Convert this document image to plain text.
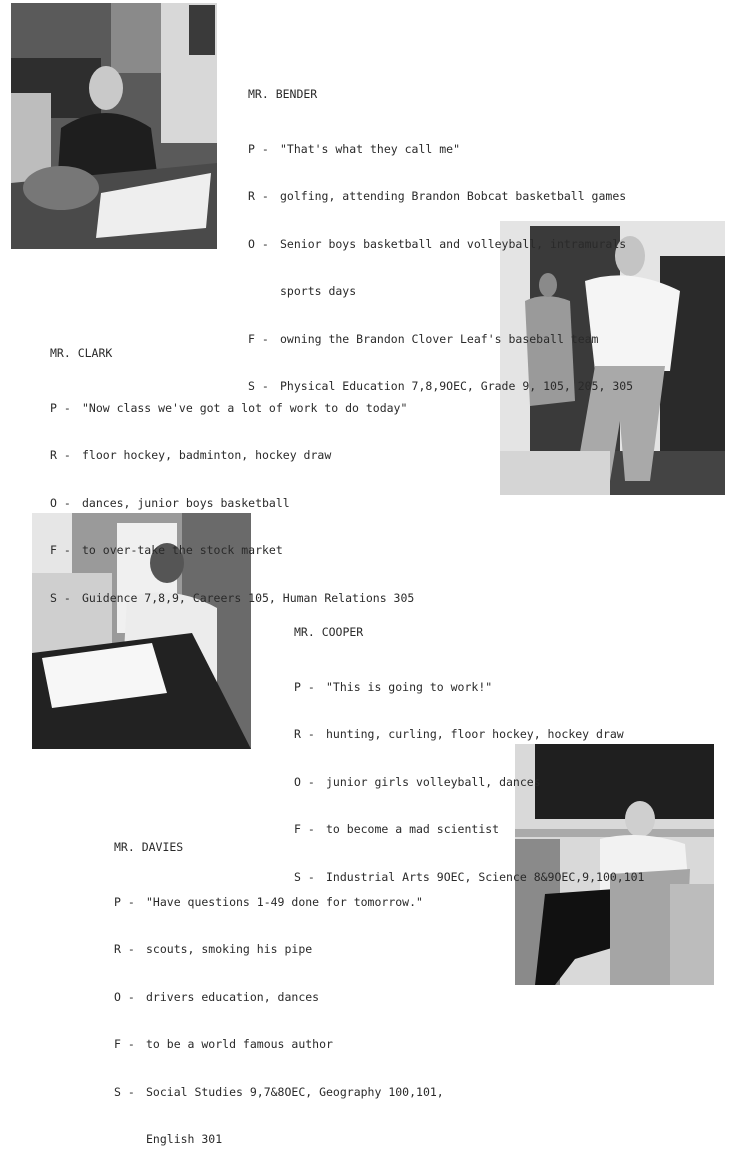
MR. BENDER

P - "That's what they call me"

R - golfing, attending Brandon Bobcat basketball games

O - Senior boys basketball and volleyball, intramurals

sports days

F - owning the Brandon Clover Leaf's baseball team

S - Physical Education 7,8,9OEC, Grade 9, 105, 205, 305

MR. CLARK

P - "Now class we've got a lot of work to do today"

R - floor hockey, badminton, hockey draw

O - dances, junior boys basketball

F - to over-take the stock market

S - Guidence 7,8,9, Careers 105, Human Relations 305

MR. COOPER

P - "This is going to work!"

R - hunting, curling, floor hockey, hockey draw

O - junior girls volleyball, dances

F - to become a mad scientist

S - Industrial Arts 9OEC, Science 8&9OEC,9,100,101

MR. DAVIES

P - "Have questions 1-49 done for tomorrow."

R - scouts, smoking his pipe

O - drivers education, dances

F - to be a world famous author

S - Social Studies 9,7&8OEC, Geography 100,101,

English 301
